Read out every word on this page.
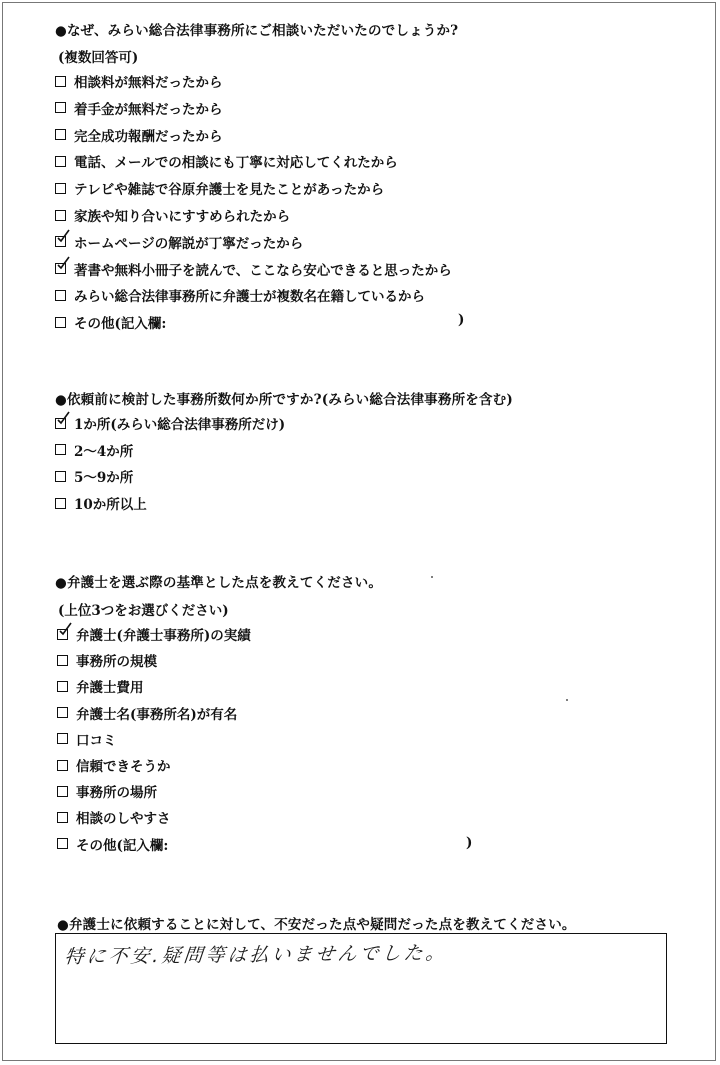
●なぜ、みらい総合法律事務所にご相談いただいたのでしょうか?
(複数回答可)
相談料が無料だったから
着手金が無料だったから
完全成功報酬だったから
電話、メールでの相談にも丁寧に対応してくれたから
テレビや雑誌で谷原弁護士を見たことがあったから
家族や知り合いにすすめられたから
ホームページの解説が丁寧だったから
著書や無料小冊子を読んで、ここなら安心できると思ったから
みらい総合法律事務所に弁護士が複数名在籍しているから
その他(記入欄:	)
●依頼前に検討した事務所数何か所ですか?(みらい総合法律事務所を含む)
1か所(みらい総合法律事務所だけ)
2〜4か所
5〜9か所
10か所以上
●弁護士を選ぶ際の基準とした点を教えてください。
(上位3つをお選びください)
弁護士(弁護士事務所)の実績
事務所の規模
弁護士費用
弁護士名(事務所名)が有名
口コミ
信頼できそうか
事務所の場所
相談のしやすさ
その他(記入欄:	)
●弁護士に依頼することに対して、不安だった点や疑問だった点を教えてください。
特に不安.疑問等は払いませんでした。
